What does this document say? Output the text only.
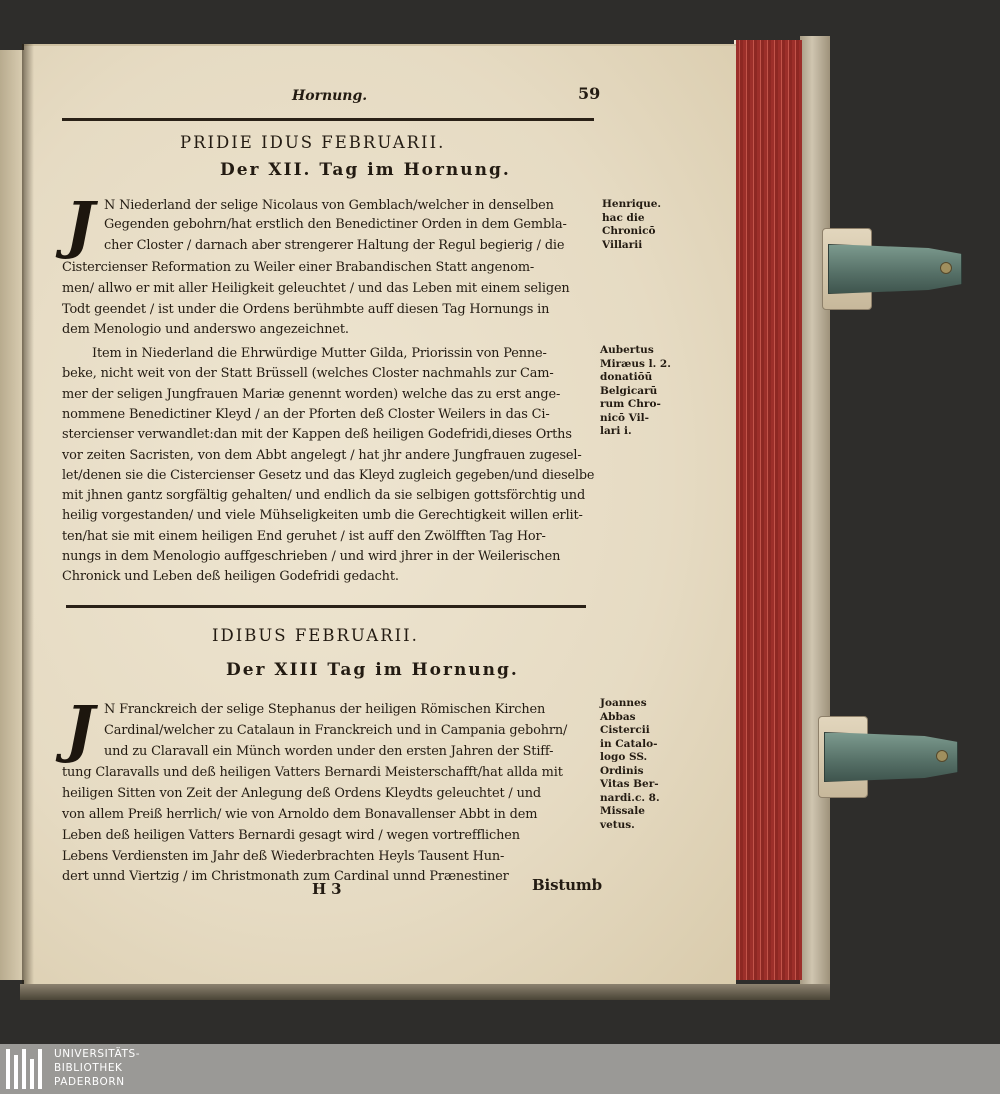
Hornung.	59
PRIDIE IDUS FEBRUARII.
Der XII. Tag im Hornung.
J N Niederland der selige Nicolaus von Gemblach/welcher in denselben
Gegenden gebohrn/hat erstlich den Benedictiner Orden in dem Gembla-
cher Closter / darnach aber strengerer Haltung der Regul begierig / die
Cistercienser Reformation zu Weiler einer Brabandischen Statt angenom-
men/ allwo er mit aller Heiligkeit geleuchtet / und das Leben mit einem seligen
Todt geendet / ist under die Ordens berühmbte auff diesen Tag Hornungs in
dem Menologio und anderswo angezeichnet.
Item in Niederland die Ehrwürdige Mutter Gilda, Priorissin von Penne-
beke, nicht weit von der Statt Brüssell (welches Closter nachmahls zur Cam-
mer der seligen Jungfrauen Mariæ genennt worden) welche das zu erst ange-
nommene Benedictiner Kleyd / an der Pforten deß Closter Weilers in das Ci-
stercienser verwandlet:dan mit der Kappen deß heiligen Godefridi,dieses Orths
vor zeiten Sacristen, von dem Abbt angelegt / hat jhr andere Jungfrauen zugesel-
let/denen sie die Cistercienser Gesetz und das Kleyd zugleich gegeben/und dieselbe
mit jhnen gantz sorgfältig gehalten/ und endlich da sie selbigen gottsförchtig und
heilig vorgestanden/ und viele Mühseligkeiten umb die Gerechtigkeit willen erlit-
ten/hat sie mit einem heiligen End geruhet / ist auff den Zwölfften Tag Hor-
nungs in dem Menologio auffgeschrieben / und wird jhrer in der Weilerischen
Chronick und Leben deß heiligen Godefridi gedacht.
Henrique.
hac die
Chronicō
Villarii
Aubertus
Miræus l. 2.
donatiōū
Belgicarū
rum Chro-
nicō Vil-
lari i.
IDIBUS FEBRUARII.
Der XIII Tag im Hornung.
J N Franckreich der selige Stephanus der heiligen Römischen Kirchen
Cardinal/welcher zu Catalaun in Franckreich und in Campania gebohrn/
und zu Claravall ein Münch worden under den ersten Jahren der Stiff-
tung Claravalls und deß heiligen Vatters Bernardi Meisterschafft/hat allda mit
heiligen Sitten von Zeit der Anlegung deß Ordens Kleydts geleuchtet / und
von allem Preiß herrlich/ wie von Arnoldo dem Bonavallenser Abbt in dem
Leben deß heiligen Vatters Bernardi gesagt wird / wegen vortrefflichen
Lebens Verdiensten im Jahr deß Wiederbrachten Heyls Tausent Hun-
dert unnd Viertzig / im Christmonath zum Cardinal unnd Prænestiner
Joannes
Abbas
Cistercii
in Catalo-
logo SS.
Ordinis
Vitas Ber-
nardi.c. 8.
Missale
vetus.
H 3	Bistumb
UNIVERSITÄTS-
BIBLIOTHEK
PADERBORN
